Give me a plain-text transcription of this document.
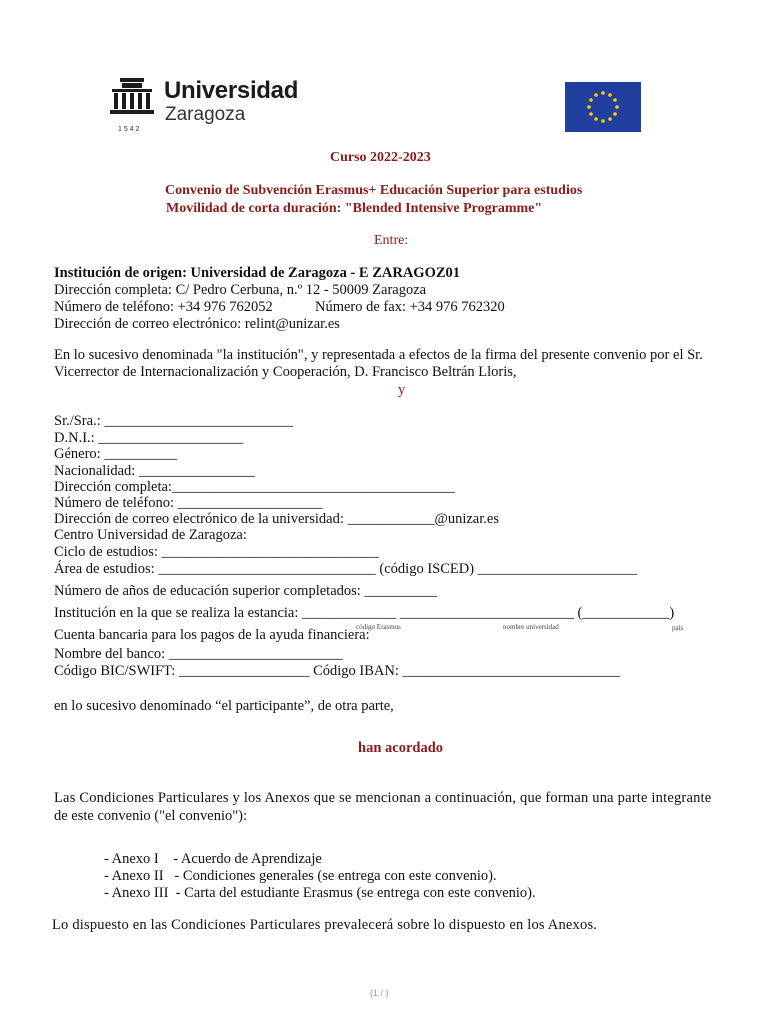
1542
Universidad
Zaragoza
Curso 2022-2023
Convenio de Subvención Erasmus+ Educación Superior para estudios
Movilidad de corta duración: "Blended Intensive Programme"
Entre:
Institución de origen: Universidad de Zaragoza - E ZARAGOZ01
Dirección completa: C/ Pedro Cerbuna, n.º 12 - 50009 Zaragoza
Número de teléfono: +34 976 762052	Número de fax: +34 976 762320
Dirección de correo electrónico: relint@unizar.es
En lo sucesivo denominada "la institución", y representada a efectos de la firma del presente convenio por el Sr.
Vicerrector de Internacionalización y Cooperación, D. Francisco Beltrán Lloris,
y
Sr./Sra.: __________________________
D.N.I.: ____________________
Género: __________
Nacionalidad: ________________
Dirección completa:_______________________________________
Número de teléfono: ____________________
Dirección de correo electrónico de la universidad: ____________@unizar.es
Centro Universidad de Zaragoza:
Ciclo de estudios: ______________________________
Área de estudios: ______________________________ (código ISCED) ______________________
Número de años de educación superior completados: __________
Institución en la que se realiza la estancia: _____________ ________________________ (____________)
código Erasmus	nombre universidad	país
Cuenta bancaria para los pagos de la ayuda financiera:
Nombre del banco: ________________________
Código BIC/SWIFT: __________________ Código IBAN: ______________________________
en lo sucesivo denominado “el participante”, de otra parte,
han acordado
Las Condiciones Particulares y los Anexos que se mencionan a continuación, que forman una parte integrante
de este convenio ("el convenio"):
- Anexo I    - Acuerdo de Aprendizaje
- Anexo II   - Condiciones generales (se entrega con este convenio).
- Anexo III  - Carta del estudiante Erasmus (se entrega con este convenio).
Lo dispuesto en las Condiciones Particulares prevalecerá sobre lo dispuesto en los Anexos.
(1 / )
